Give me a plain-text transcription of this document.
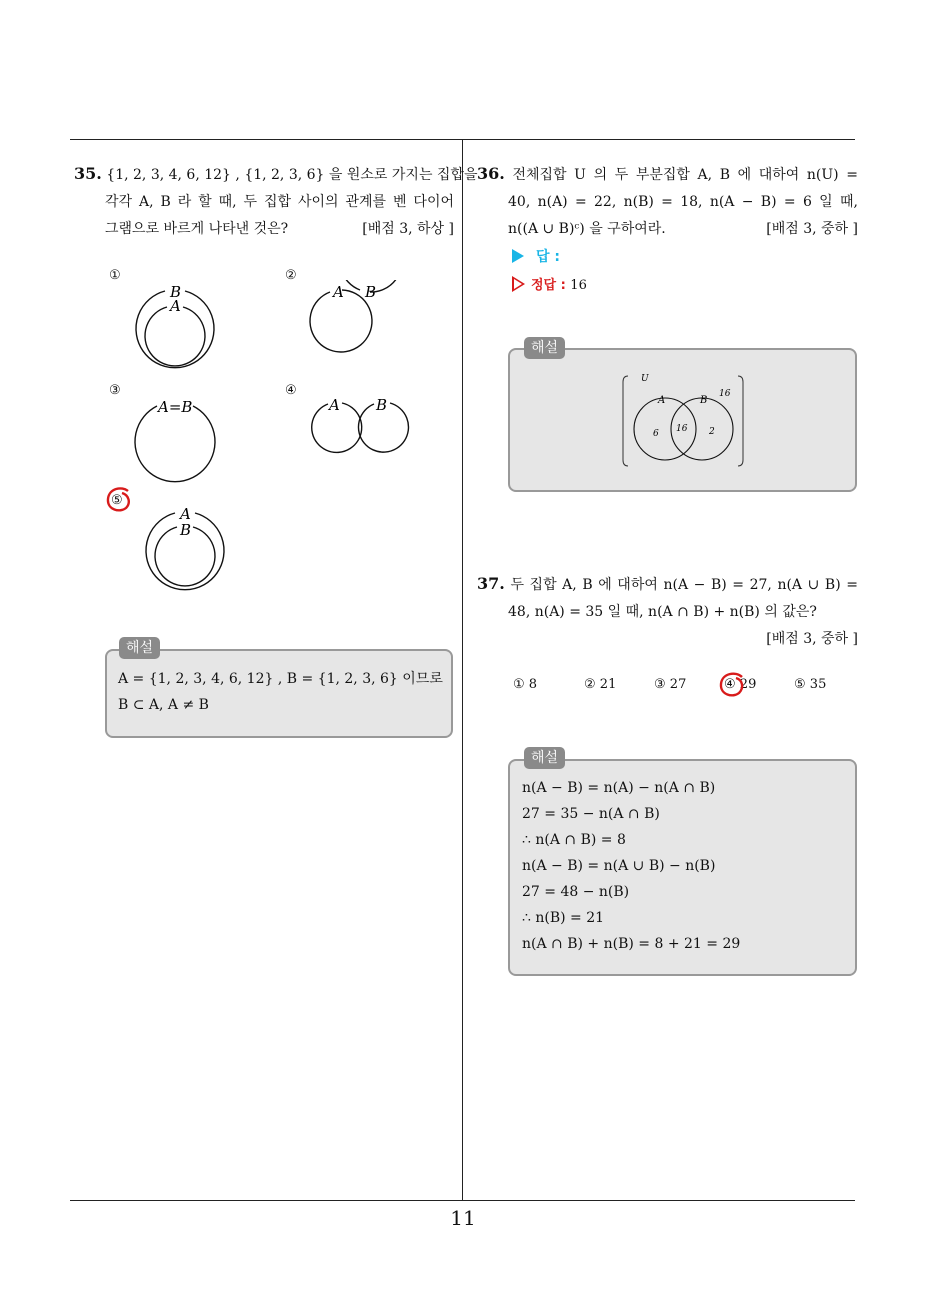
35. {1, 2, 3, 4, 6, 12} , {1, 2, 3, 6} 을 원소로 가지는 집합을
각각 A, B 라 할 때, 두 집합 사이의 관계를 벤 다이어
그램으로 바르게 나타낸 것은?	[배점 3, 하상 ]
①
B
A
②
A B
③
A=B
④
A B
⑤
A
B
해설
A = {1, 2, 3, 4, 6, 12} , B = {1, 2, 3, 6} 이므로
B ⊂ A, A ≠ B
36. 전체집합 U 의 두 부분집합 A, B 에 대하여 n(U) =
40, n(A) = 22, n(B) = 18, n(A − B) = 6 일 때,
n((A ∪ B)ᶜ) 을 구하여라.	[배점 3, 중하 ]
답 :
정답 : 16
해설
U
A	B
16
6 16 2
37. 두 집합 A, B 에 대하여 n(A − B) = 27, n(A ∪ B) =
48, n(A) = 35 일 때, n(A ∩ B) + n(B) 의 값은?
[배점 3, 중하 ]
① 8	② 21	③ 27	④ 29	⑤ 35
해설
n(A − B) = n(A) − n(A ∩ B)
27 = 35 − n(A ∩ B)
∴ n(A ∩ B) = 8
n(A − B) = n(A ∪ B) − n(B)
27 = 48 − n(B)
∴ n(B) = 21
n(A ∩ B) + n(B) = 8 + 21 = 29
11
